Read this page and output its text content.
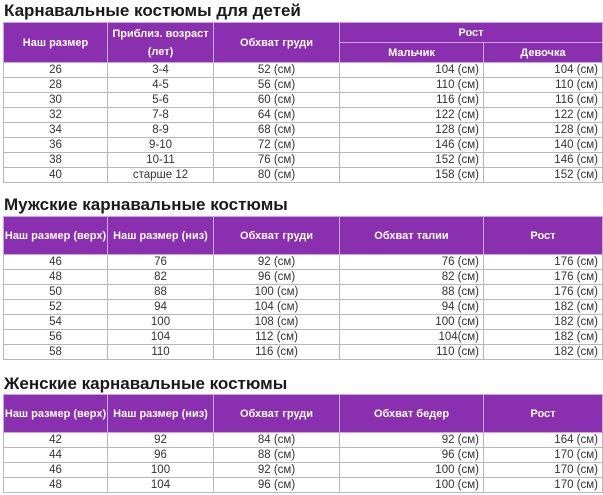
Карнавальные костюмы для детей
Наш размер	Приблиз. возраст (лет)	Обхват груди	Рост	
			Мальчик	Девочка
26	3-4	52 (см)	104 (см)	104 (см)
28	4-5	56 (см)	110 (см)	110 (см)
30	5-6	60 (см)	116 (см)	116 (см)
32	7-8	64 (см)	122 (см)	122 (см)
34	8-9	68 (см)	128 (см)	128 (см)
36	9-10	72 (см)	146 (см)	140 (см)
38	10-11	76 (см)	152 (см)	146 (см)
40	старше 12	80 (см)	158 (см)	152 (см)
Мужские карнавальные костюмы
Наш размер (верх)	Наш размер (низ)	Обхват груди	Обхват талии	Рост
46	76	92 (см)	76 (см)	176 (см)
48	82	96 (см)	82 (см)	176 (см)
50	88	100 (см)	88 (см)	176 (см)
52	94	104 (см)	94 (см)	182 (см)
54	100	108 (см)	100 (см)	182 (см)
56	104	112 (см)	104(см)	182 (см)
58	110	116 (см)	110 (см)	182 (см)
Женские карнавальные костюмы
Наш размер (верх)	Наш размер (низ)	Обхват груди	Обхват бедер	Рост
42	92	84 (см)	92 (см)	164 (см)
44	96	88 (см)	96 (см)	170 (см)
46	100	92 (см)	100 (см)	170 (см)
48	104	96 (см)	100 (см)	170 (см)
